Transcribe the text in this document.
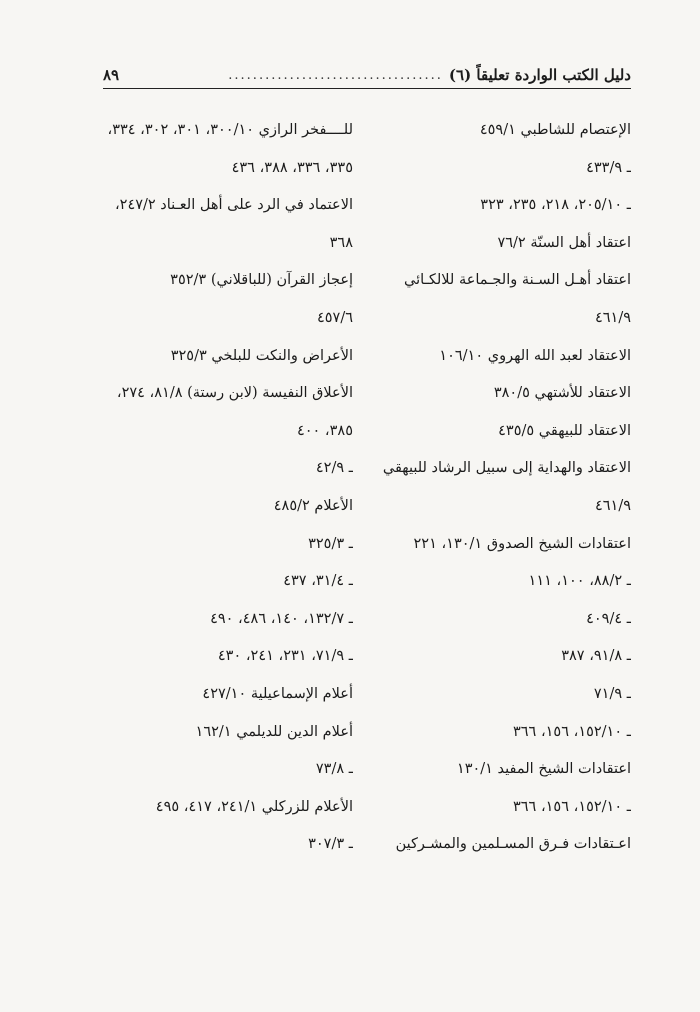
دليل الكتب الواردة تعليقاً (٦)
...................................
٨٩
الإعتصام للشاطبي ٤٥٩/١
ـ ٤٣٣/٩
ـ ٢٠٥/١٠، ٢١٨، ٢٣٥، ٣٢٣
اعتقاد أهل السنّة ٧٦/٢
اعتقاد أهـل السـنة والجـماعة للالكـائي
٤٦١/٩
الاعتقاد لعبد الله الهروي ١٠٦/١٠
الاعتقاد للأشتهي ٣٨٠/٥
الاعتقاد للبيهقي ٤٣٥/٥
الاعتقاد والهداية إلى سبيل الرشاد للبيهقي
٤٦١/٩
اعتقادات الشيخ الصدوق ١٣٠/١، ٢٢١
ـ ٨٨/٢، ١٠٠، ١١١
ـ ٤٠٩/٤
ـ ٩١/٨، ٣٨٧
ـ ٧١/٩
ـ ١٥٢/١٠، ١٥٦، ٣٦٦
اعتقادات الشيخ المفيد ١٣٠/١
ـ ١٥٢/١٠، ١٥٦، ٣٦٦
اعـتقادات فـرق المسـلمين والمشـركين
للــــفخر الرازي ٣٠٠/١٠، ٣٠١، ٣٠٢، ٣٣٤،
٣٣٥، ٣٣٦، ٣٨٨، ٤٣٦
الاعتماد في الرد على أهل العـناد ٢٤٧/٢،
٣٦٨
إعجاز القرآن (للباقلاني) ٣٥٢/٣
٤٥٧/٦
الأعراض والنكت للبلخي ٣٢٥/٣
الأعلاق النفيسة (لابن رستة) ٨١/٨، ٢٧٤،
٣٨٥، ٤٠٠
ـ ٤٢/٩
الأعلام ٤٨٥/٢
ـ ٣٢٥/٣
ـ ٣١/٤، ٤٣٧
ـ ١٣٢/٧، ١٤٠، ٤٨٦، ٤٩٠
ـ ٧١/٩، ٢٣١، ٢٤١، ٤٣٠
أعلام الإسماعيلية ٤٢٧/١٠
أعلام الدين للديلمي ١٦٢/١
ـ ٧٣/٨
الأعلام للزركلي ٢٤١/١، ٤١٧، ٤٩٥
ـ ٣٠٧/٣
